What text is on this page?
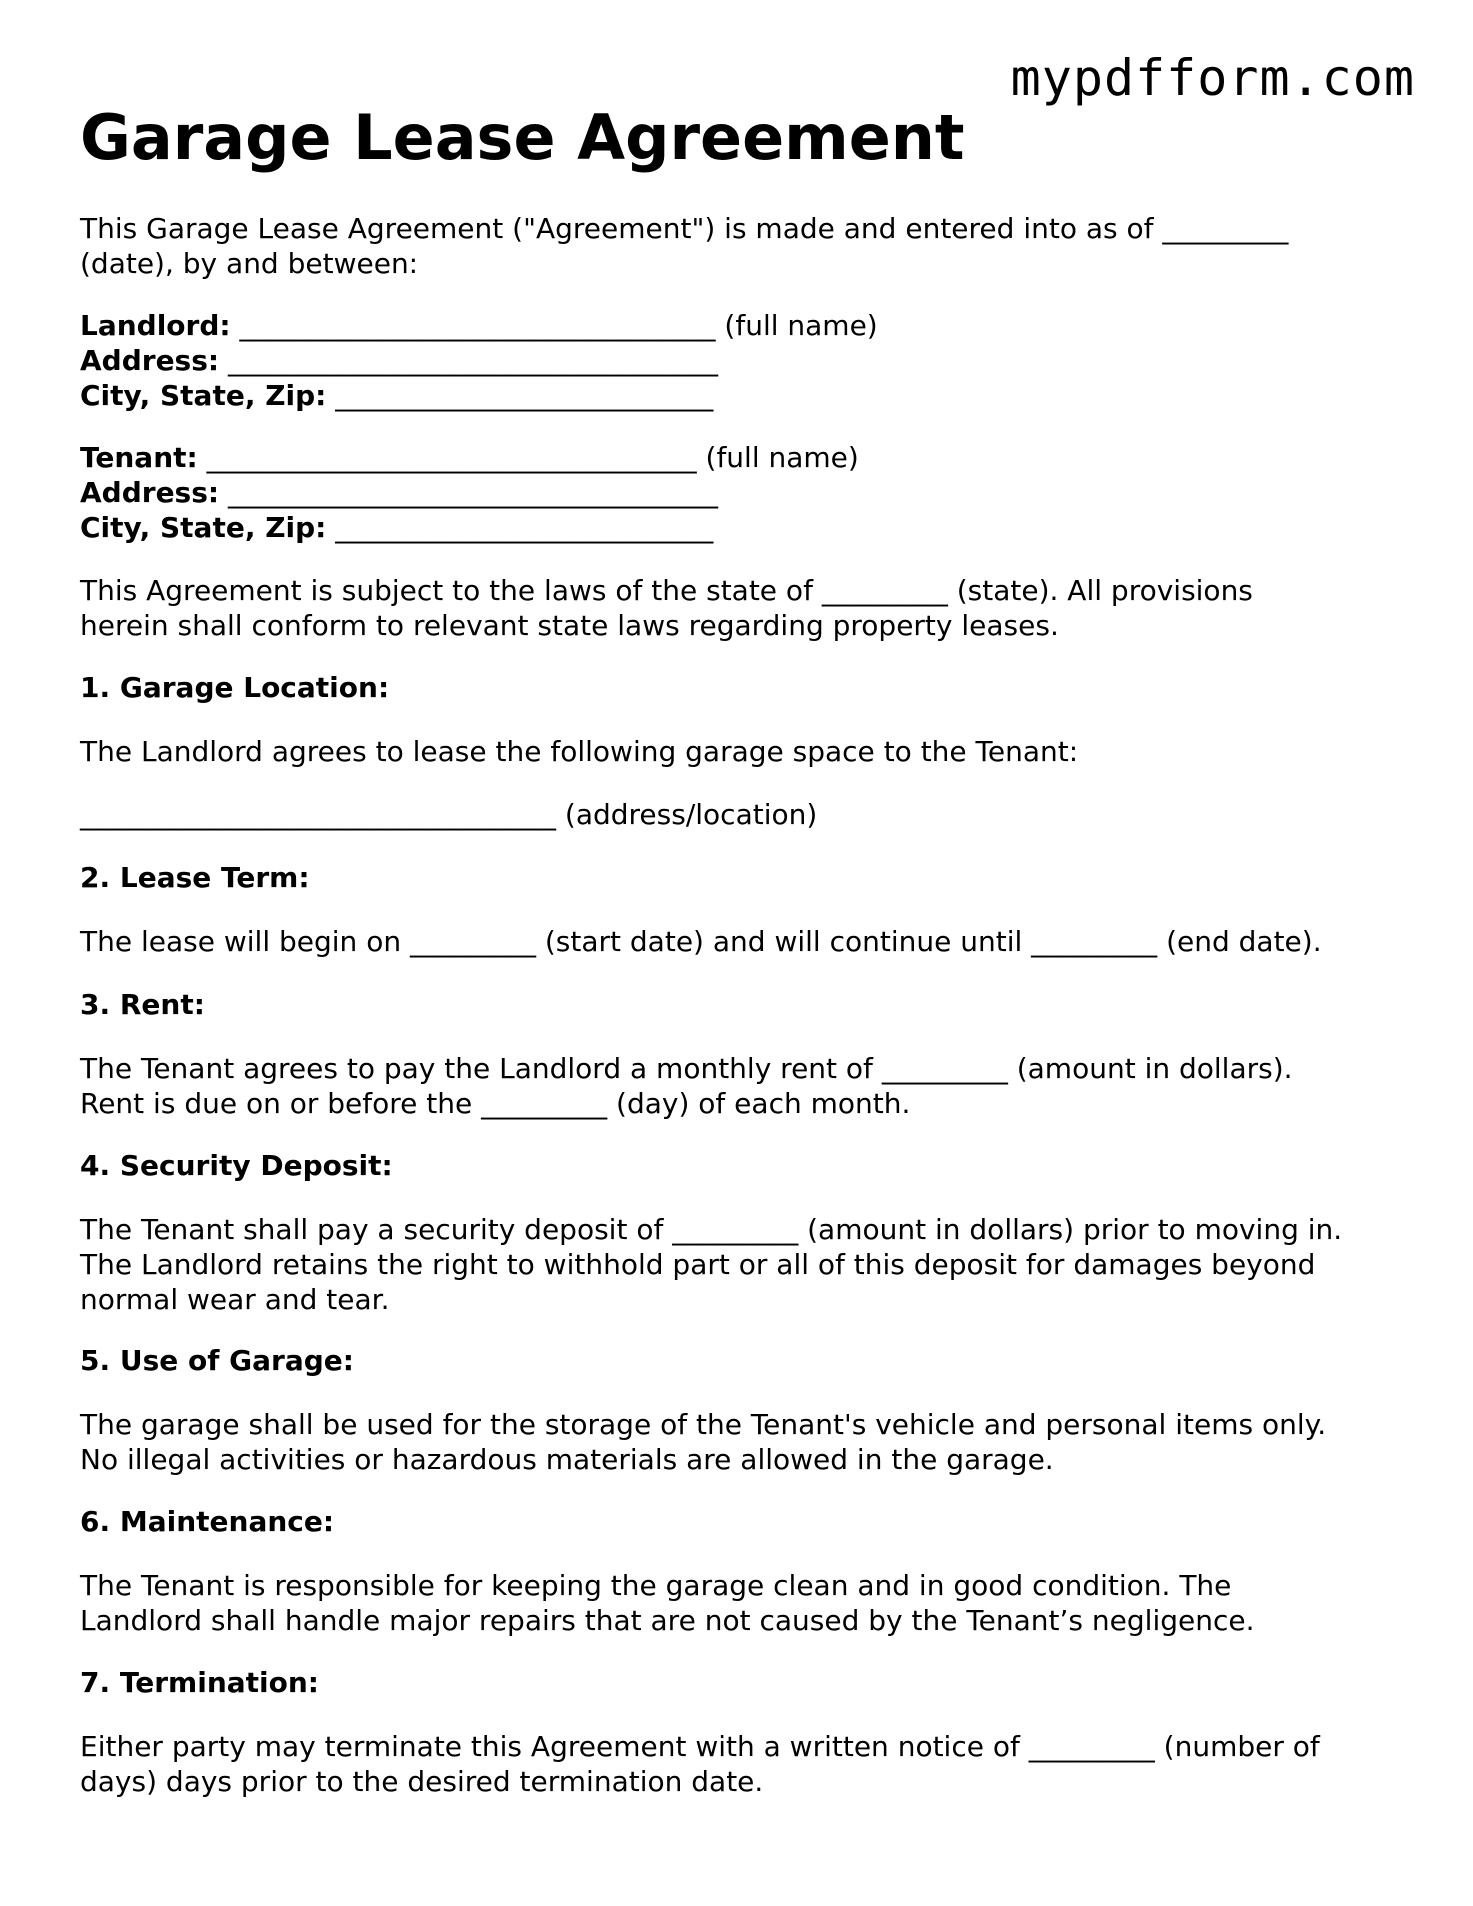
mypdfform.com
Garage Lease Agreement
This Garage Lease Agreement ("Agreement") is made and entered into as of _________
(date), by and between:
Landlord: __________________________________ (full name)
Address: ___________________________________
City, State, Zip: ___________________________
Tenant: ___________________________________ (full name)
Address: ___________________________________
City, State, Zip: ___________________________
This Agreement is subject to the laws of the state of _________ (state). All provisions
herein shall conform to relevant state laws regarding property leases.
1. Garage Location:
The Landlord agrees to lease the following garage space to the Tenant:
__________________________________ (address/location)
2. Lease Term:
The lease will begin on _________ (start date) and will continue until _________ (end date).
3. Rent:
The Tenant agrees to pay the Landlord a monthly rent of _________ (amount in dollars).
Rent is due on or before the _________ (day) of each month.
4. Security Deposit:
The Tenant shall pay a security deposit of _________ (amount in dollars) prior to moving in.
The Landlord retains the right to withhold part or all of this deposit for damages beyond
normal wear and tear.
5. Use of Garage:
The garage shall be used for the storage of the Tenant's vehicle and personal items only.
No illegal activities or hazardous materials are allowed in the garage.
6. Maintenance:
The Tenant is responsible for keeping the garage clean and in good condition. The
Landlord shall handle major repairs that are not caused by the Tenant’s negligence.
7. Termination:
Either party may terminate this Agreement with a written notice of _________ (number of
days) days prior to the desired termination date.
